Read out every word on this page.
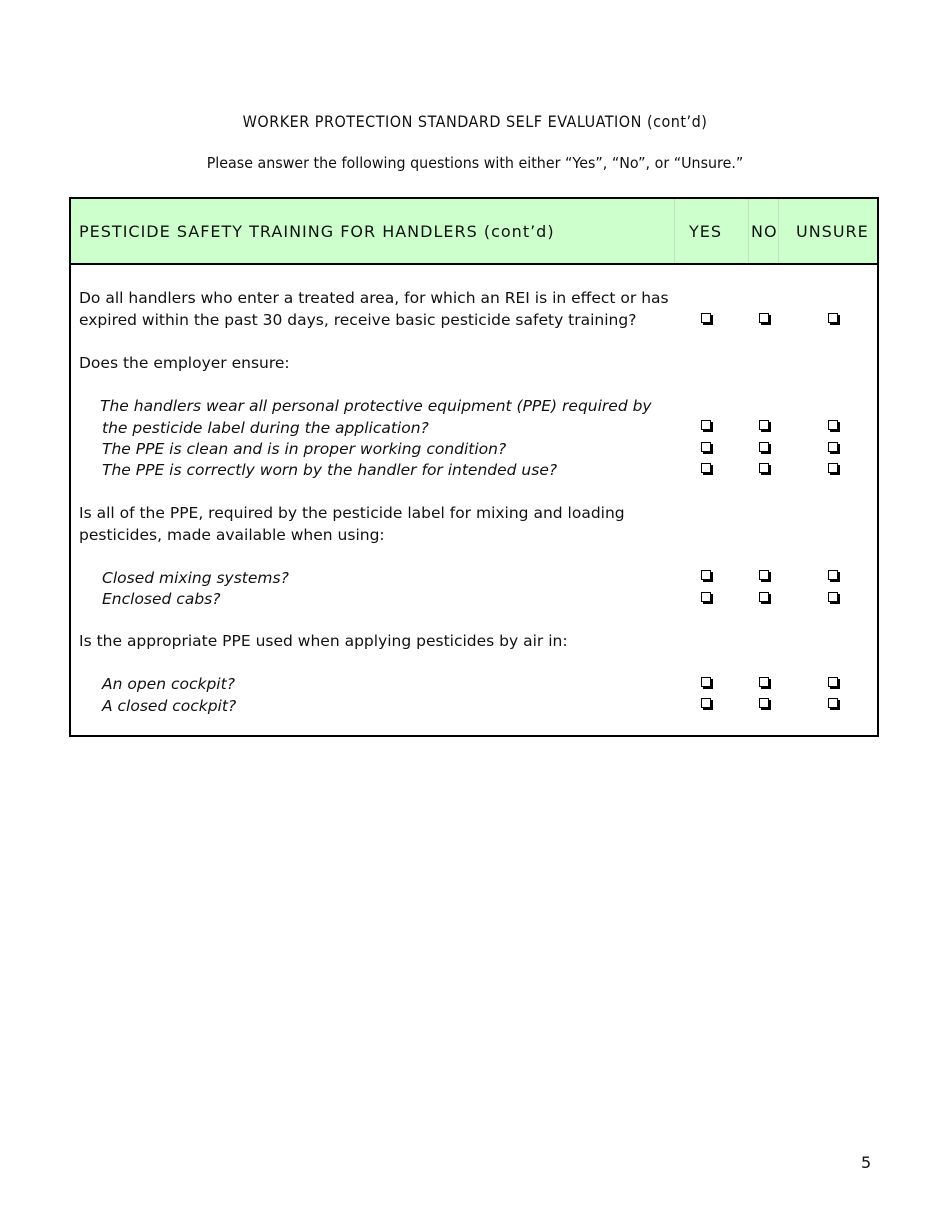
WORKER PROTECTION STANDARD SELF EVALUATION (cont’d)
Please answer the following questions with either “Yes”, “No”, or “Unsure.”
PESTICIDE SAFETY TRAINING FOR HANDLERS (cont’d)	YES NO UNSURE
Do all handlers who enter a treated area, for which an REI is in effect or has
expired within the past 30 days, receive basic pesticide safety training?
Does the employer ensure:
The handlers wear all personal protective equipment (PPE) required by
the pesticide label during the application?
The PPE is clean and is in proper working condition?
The PPE is correctly worn by the handler for intended use?
Is all of the PPE, required by the pesticide label for mixing and loading
pesticides, made available when using:
Closed mixing systems?
Enclosed cabs?
Is the appropriate PPE used when applying pesticides by air in:
An open cockpit?
A closed cockpit?
5
